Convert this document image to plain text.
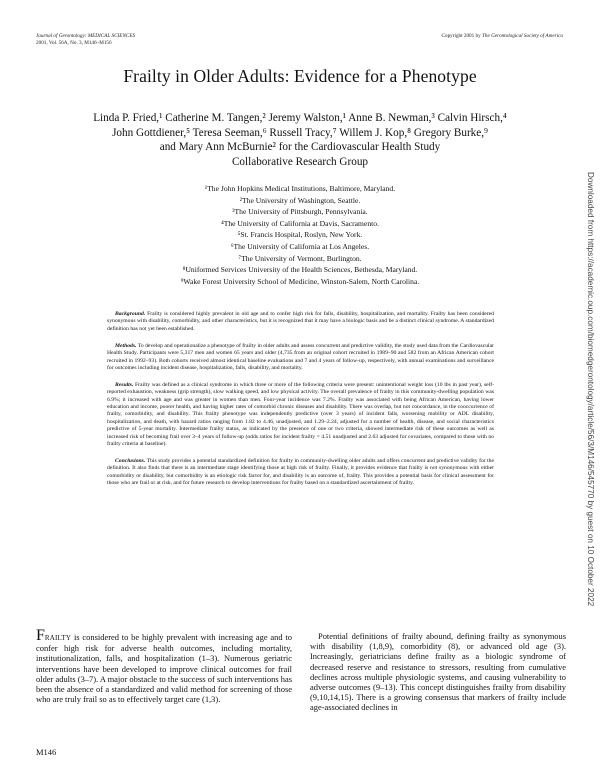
Journal of Gerontology: MEDICAL SCIENCES
2001, Vol. 56A, No. 3, M146–M156
Copyright 2001 by The Gerontological Society of America
Frailty in Older Adults: Evidence for a Phenotype
Linda P. Fried,¹ Catherine M. Tangen,² Jeremy Walston,¹ Anne B. Newman,³ Calvin Hirsch,⁴
John Gottdiener,⁵ Teresa Seeman,⁶ Russell Tracy,⁷ Willem J. Kop,⁸ Gregory Burke,⁹
and Mary Ann McBurnie² for the Cardiovascular Health Study
Collaborative Research Group
¹The John Hopkins Medical Institutions, Baltimore, Maryland.
²The University of Washington, Seattle.
³The University of Pittsburgh, Pennsylvania.
⁴The University of California at Davis, Sacramento.
⁵St. Francis Hospital, Roslyn, New York.
⁶The University of California at Los Angeles.
⁷The University of Vermont, Burlington.
⁸Uniformed Services University of the Health Sciences, Bethesda, Maryland.
⁹Wake Forest University School of Medicine, Winston-Salem, North Carolina.

Background. Frailty is considered highly prevalent in old age and to confer high risk for falls, disability, hospitalization, and mortality. Frailty has been considered synonymous with disability, comorbidity, and other characteristics, but it is recognized that it may have a biologic basis and be a distinct clinical syndrome. A standardized definition has not yet been established.

Methods. To develop and operationalize a phenotype of frailty in older adults and assess concurrent and predictive validity, the study used data from the Cardiovascular Health Study. Participants were 5,317 men and women 65 years and older (4,735 from an original cohort recruited in 1989–90 and 582 from an African American cohort recruited in 1992–93). Both cohorts received almost identical baseline evaluations and 7 and 4 years of follow-up, respectively, with annual examinations and surveillance for outcomes including incident disease, hospitalization, falls, disability, and mortality.

Results. Frailty was defined as a clinical syndrome in which three or more of the following criteria were present: unintentional weight loss (10 lbs in past year), self-reported exhaustion, weakness (grip strength), slow walking speed, and low physical activity. The overall prevalence of frailty in this community-dwelling population was 6.9%; it increased with age and was greater in women than men. Four-year incidence was 7.2%. Frailty was associated with being African American, having lower education and income, poorer health, and having higher rates of comorbid chronic diseases and disability. There was overlap, but not concordance, in the cooccurrence of frailty, comorbidity, and disability. This frailty phenotype was independently predictive (over 3 years) of incident falls, worsening mobility or ADL disability, hospitalization, and death, with hazard ratios ranging from 1.82 to 4.46, unadjusted, and 1.29–2.24, adjusted for a number of health, disease, and social characteristics predictive of 5-year mortality. Intermediate frailty status, as indicated by the presence of one or two criteria, showed intermediate risk of these outcomes as well as increased risk of becoming frail over 3–4 years of follow-up (odds ratios for incident frailty = 4.51 unadjusted and 2.63 adjusted for covariates, compared to those with no frailty criteria at baseline).

Conclusions. This study provides a potential standardized definition for frailty in community-dwelling older adults and offers concurrent and predictive validity for the definition. It also finds that there is an intermediate stage identifying those at high risk of frailty. Finally, it provides evidence that frailty is not synonymous with either comorbidity or disability, but comorbidity is an etiologic risk factor for, and disability is an outcome of, frailty. This provides a potential basis for clinical assessment for those who are frail or at risk, and for future research to develop interventions for frailty based on a standardized ascertainment of frailty.

FRAILTY is considered to be highly prevalent with increasing age and to confer high risk for adverse health outcomes, including mortality, institutionalization, falls, and hospitalization (1–3). Numerous geriatric interventions have been developed to improve clinical outcomes for frail older adults (3–7). A major obstacle to the success of such interventions has been the absence of a standardized and valid method for screening of those who are truly frail so as to effectively target care (1,3).

Potential definitions of frailty abound, defining frailty as synonymous with disability (1,8,9), comorbidity (8), or advanced old age (3). Increasingly, geriatricians define frailty as a biologic syndrome of decreased reserve and resistance to stressors, resulting from cumulative declines across multiple physiologic systems, and causing vulnerability to adverse outcomes (9–13). This concept distinguishes frailty from disability (9,10,14,15). There is a growing consensus that markers of frailty include age-associated declines in

M146
Downloaded from https://academic.oup.com/biomedgerontology/article/56/3/M146/545770 by guest on 10 October 2022
